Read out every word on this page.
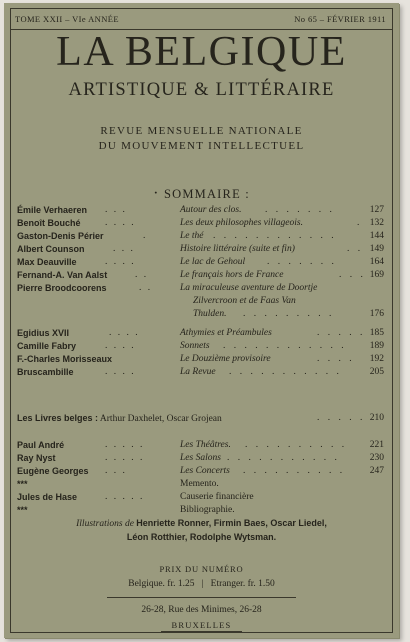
TOME XXII – VIe ANNÉE	No 65 – FÉVRIER 1911
LA BELGIQUE
ARTISTIQUE & LITTÉRAIRE
REVUE MENSUELLE NATIONALE
DU MOUVEMENT INTELLECTUEL
· SOMMAIRE :
Émile Verhaeren . . .	Autour des clos. . . . . . . .	127
Benoît Bouché	. . . .	Les deux philosophes villageois.	. 132
Gaston-Denis Périer	.	Le thé . . . . . . . . . . . .	144
Albert Counson	. . .	Histoire littéraire (suite et fin)	. . 149
Max Deauville	. . . .	Le lac de Gehoul . . . . . . .	164
Fernand-A. Van Aalst	. .	Le français hors de France	. . . 169
Pierre Broodcoorens	. .	La miraculeuse aventure de Doortje
Zilvercroon et de Faas Van
Thulden. . . . . . . . . .	176
Egidius XVII	. . . .	Athymies et Préambules	. . . . . 185
Camille Fabry	. . . .	Sonnets . . . . . . . . . . . . 189
F.-Charles Morisseaux	Le Douzième provisoire	. . . . 192
Bruscambille	. . . .	La Revue . . . . . . . . . . .	205
Les Livres belges : Arthur Daxhelet, Oscar Grojean	. . . . . 210
Paul André	. . . . .	Les Théâtres. . . . . . . . . . . 221
Ray Nyst	. . . . .	Les Salons . . . . . . . . . . .	230
Eugène Georges . . .	Les Concerts . . . . . . . . . .	247
***	Memento.
Jules de Hase	. . . . .	Causerie financière
***	Bibliographie.
Illustrations de Henriette Ronner, Firmin Baes, Oscar Liedel,
Léon Rotthier, Rodolphe Wytsman.
PRIX DU NUMÉRO
Belgique. fr. 1.25   |   Etranger. fr. 1.50
26-28, Rue des Minimes, 26-28
BRUXELLES
